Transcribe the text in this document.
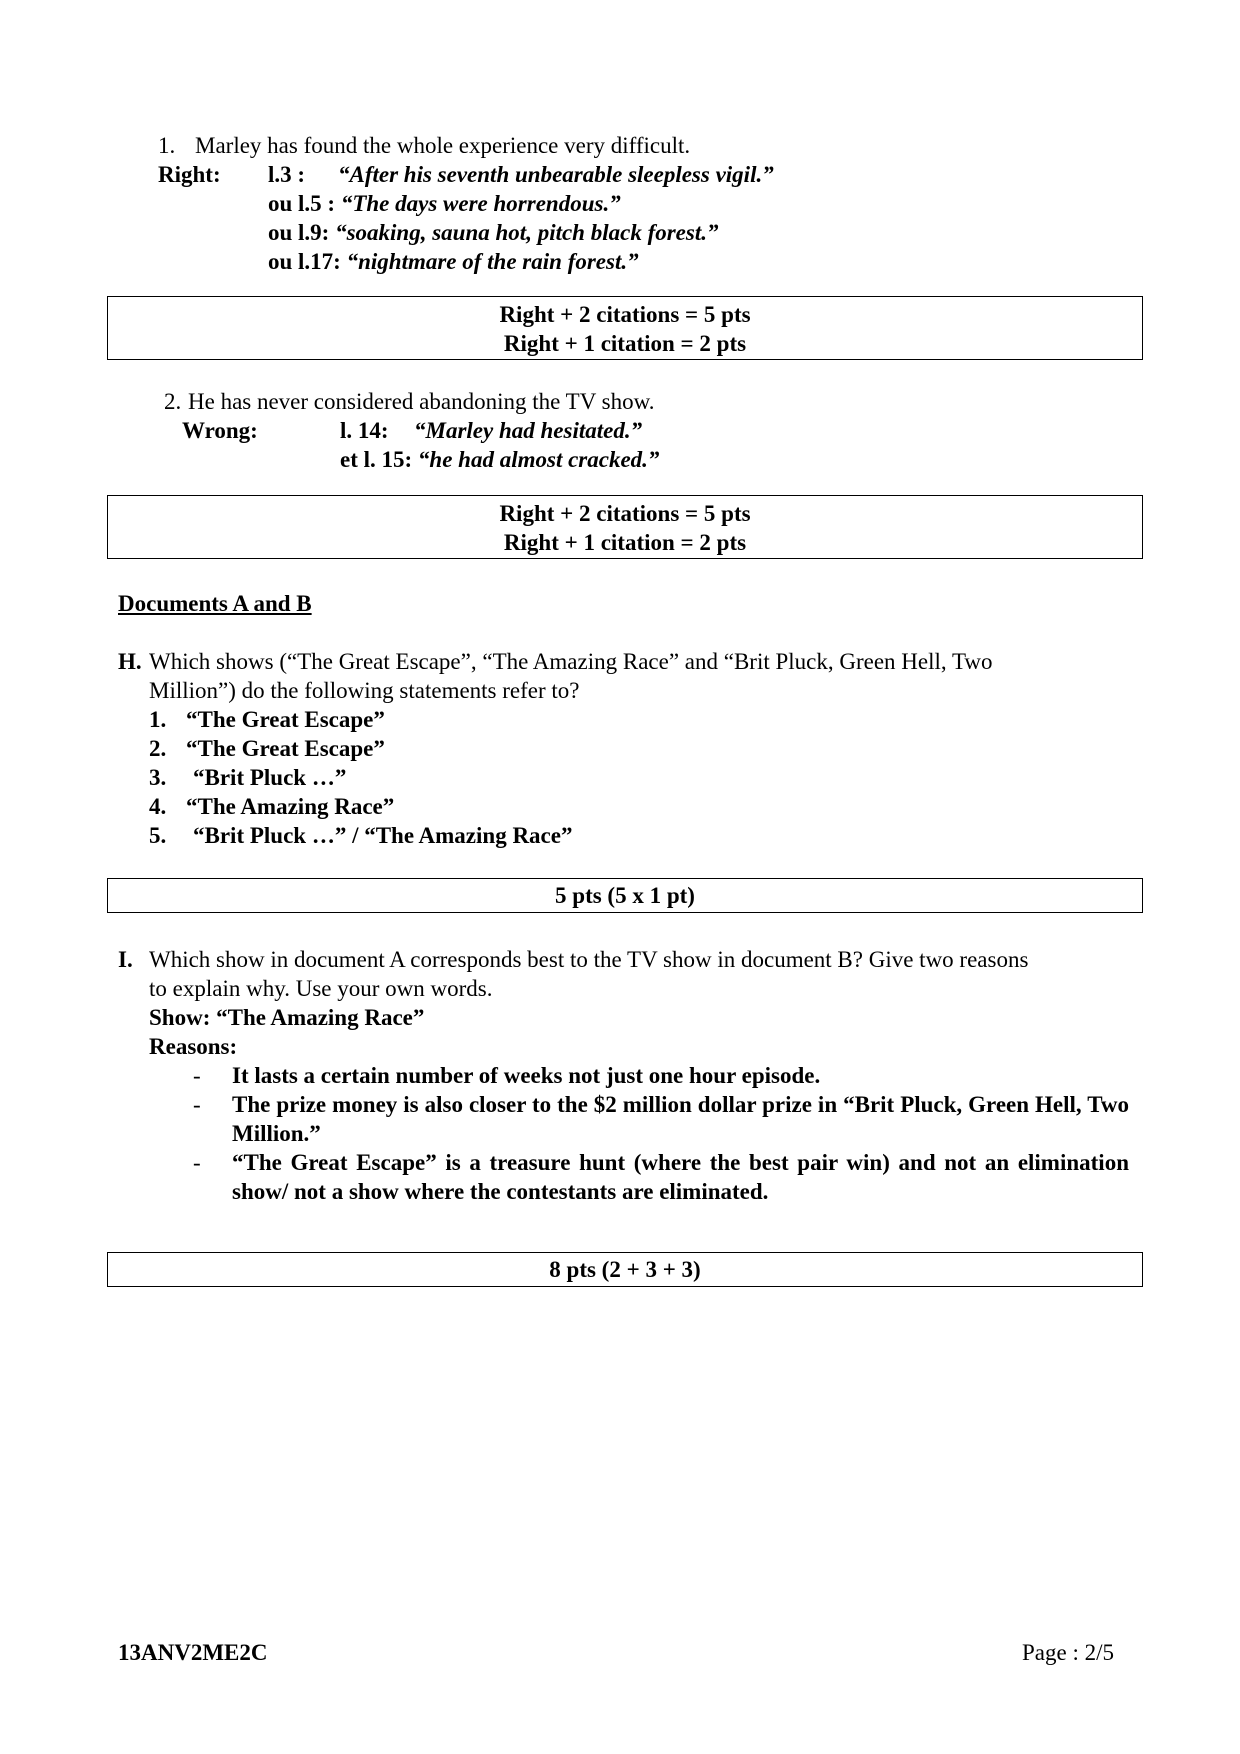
1. Marley has found the whole experience very difficult.
Right: l.3 : “After his seventh unbearable sleepless vigil.”
ou l.5 : “The days were horrendous.”
ou l.9: “soaking, sauna hot, pitch black forest.”
ou l.17: “nightmare of the rain forest.”
Right + 2 citations = 5 pts
Right + 1 citation = 2 pts
2. He has never considered abandoning the TV show.
Wrong:	l. 14: “Marley had hesitated.”
et l. 15: “he had almost cracked.”
Right + 2 citations = 5 pts
Right + 1 citation = 2 pts
Documents A and B
H. Which shows (“The Great Escape”, “The Amazing Race” and “Brit Pluck, Green Hell, Two
Million”) do the following statements refer to?
1. “The Great Escape”
2. “The Great Escape”
3. “Brit Pluck …”
4. “The Amazing Race”
5. “Brit Pluck …” / “The Amazing Race”
5 pts (5 x 1 pt)
I. Which show in document A corresponds best to the TV show in document B? Give two reasons
to explain why. Use your own words.
Show: “The Amazing Race”
Reasons:
- It lasts a certain number of weeks not just one hour episode.
- The prize money is also closer to the $2 million dollar prize in “Brit Pluck, Green Hell, Two Million.”
- “The Great Escape” is a treasure hunt (where the best pair win) and not an elimination show/ not a show where the contestants are eliminated.
8 pts (2 + 3 + 3)
13ANV2ME2C	Page : 2/5
